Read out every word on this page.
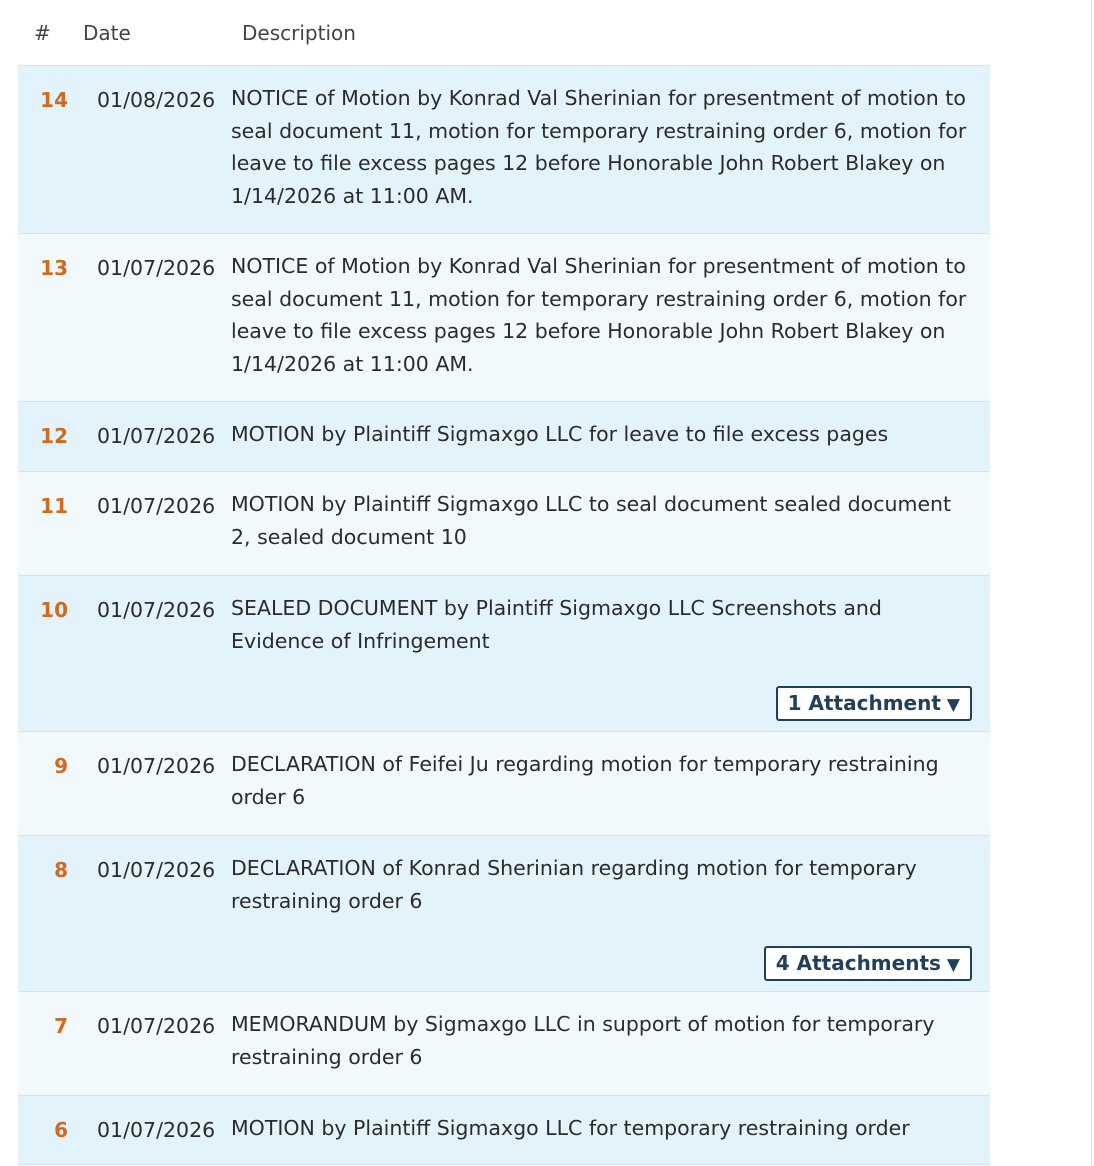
# Date	Description
14 01/08/2026 NOTICE of Motion by Konrad Val Sherinian for presentment of motion to seal document 11, motion for temporary restraining order 6, motion for leave to file excess pages 12 before Honorable John Robert Blakey on 1/14/2026 at 11:00 AM.
13 01/07/2026 NOTICE of Motion by Konrad Val Sherinian for presentment of motion to seal document 11, motion for temporary restraining order 6, motion for leave to file excess pages 12 before Honorable John Robert Blakey on 1/14/2026 at 11:00 AM.
12 01/07/2026 MOTION by Plaintiff Sigmaxgo LLC for leave to file excess pages
11 01/07/2026 MOTION by Plaintiff Sigmaxgo LLC to seal document sealed document 2, sealed document 10
10 01/07/2026 SEALED DOCUMENT by Plaintiff Sigmaxgo LLC Screenshots and Evidence of Infringement
1 Attachment ▼
9 01/07/2026 DECLARATION of Feifei Ju regarding motion for temporary restraining order 6
8 01/07/2026 DECLARATION of Konrad Sherinian regarding motion for temporary restraining order 6
4 Attachments ▼
7 01/07/2026 MEMORANDUM by Sigmaxgo LLC in support of motion for temporary restraining order 6
6 01/07/2026 MOTION by Plaintiff Sigmaxgo LLC for temporary restraining order
